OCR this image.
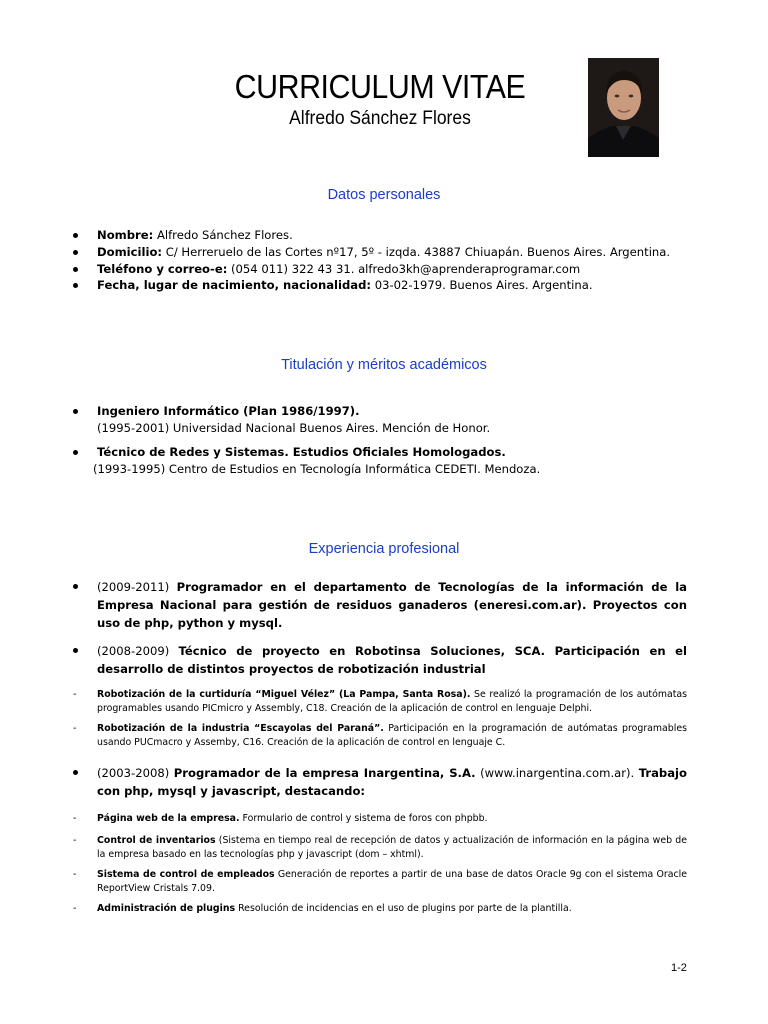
CURRICULUM VITAE
Alfredo Sánchez Flores
Datos personales
Nombre: Alfredo Sánchez Flores.
Domicilio: C/ Herreruelo de las Cortes nº17, 5º - izqda. 43887 Chiuapán. Buenos Aires. Argentina.
Teléfono y correo-e: (054 011) 322 43 31. alfredo3kh@aprenderaprogramar.com
Fecha, lugar de nacimiento, nacionalidad: 03-02-1979. Buenos Aires. Argentina.
Titulación y méritos académicos
Ingeniero Informático (Plan 1986/1997).
(1995-2001) Universidad Nacional Buenos Aires. Mención de Honor.
Técnico de Redes y Sistemas. Estudios Oficiales Homologados.
(1993-1995) Centro de Estudios en Tecnología Informática CEDETI. Mendoza.
Experiencia profesional
(2009-2011) Programador en el departamento de Tecnologías de la información de la Empresa Nacional para gestión de residuos ganaderos (eneresi.com.ar). Proyectos con uso de php, python y mysql.
(2008-2009) Técnico de proyecto en Robotinsa Soluciones, SCA. Participación en el desarrollo de distintos proyectos de robotización industrial
-	Robotización de la curtiduría “Miguel Vélez” (La Pampa, Santa Rosa). Se realizó la programación de los autómatas programables usando PICmicro y Assembly, C18. Creación de la aplicación de control en lenguaje Delphi.
-	Robotización de la industria “Escayolas del Paraná”. Participación en la programación de autómatas programables usando PUCmacro y Assemby, C16. Creación de la aplicación de control en lenguaje C.
(2003-2008) Programador de la empresa Inargentina, S.A. (www.inargentina.com.ar). Trabajo con php, mysql y javascript, destacando:
-	Página web de la empresa. Formulario de control y sistema de foros con phpbb.
-	Control de inventarios (Sistema en tiempo real de recepción de datos y actualización de información en la página web de la empresa basado en las tecnologías php y javascript (dom – xhtml).
-	Sistema de control de empleados Generación de reportes a partir de una base de datos Oracle 9g con el sistema Oracle ReportView Cristals 7.09.
-	Administración de plugins Resolución de incidencias en el uso de plugins por parte de la plantilla.
1-2
